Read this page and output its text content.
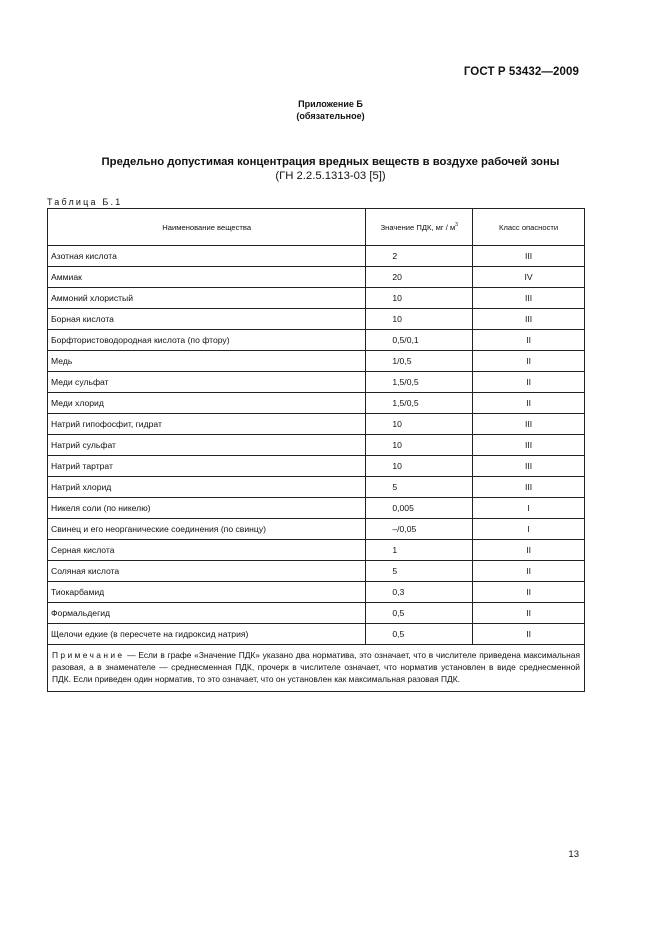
ГОСТ Р 53432—2009
Приложение Б
(обязательное)
Предельно допустимая концентрация вредных веществ в воздухе рабочей зоны
(ГН 2.2.5.1313-03 [5])
Таблица Б.1
Наименование вещества	Значение ПДК, мг / $м^3$	Класс опасности
Азотная кислота	2	III
Аммиак	20	IV
Аммоний хлористый	10	III
Борная кислота	10	III
Борфтористоводородная кислота (по фтору)	0,5/0,1	II
Медь	1/0,5	II
Меди сульфат	1,5/0,5	II
Меди хлорид	1,5/0,5	II
Натрий гипофосфит, гидрат	10	III
Натрий сульфат	10	III
Натрий тартрат	10	III
Натрий хлорид	5	III
Никеля соли (по никелю)	0,005	I
Свинец и его неорганические соединения (по свинцу)	–/0,05	I
Серная кислота	1	II
Соляная кислота	5	II
Тиокарбамид	0,3	II
Формальдегид	0,5	II
Щелочи едкие (в пересчете на гидроксид натрия)	0,5	II
Примечание — Если в графе «Значение ПДК» указано два норматива, это означает, что в числителе приведена максимальная разовая, а в знаменателе — среднесменная ПДК, прочерк в числителе означает, что норматив установлен в виде среднесменной ПДК. Если приведен один норматив, то это означает, что он установлен как максимальная разовая ПДК.		
13
